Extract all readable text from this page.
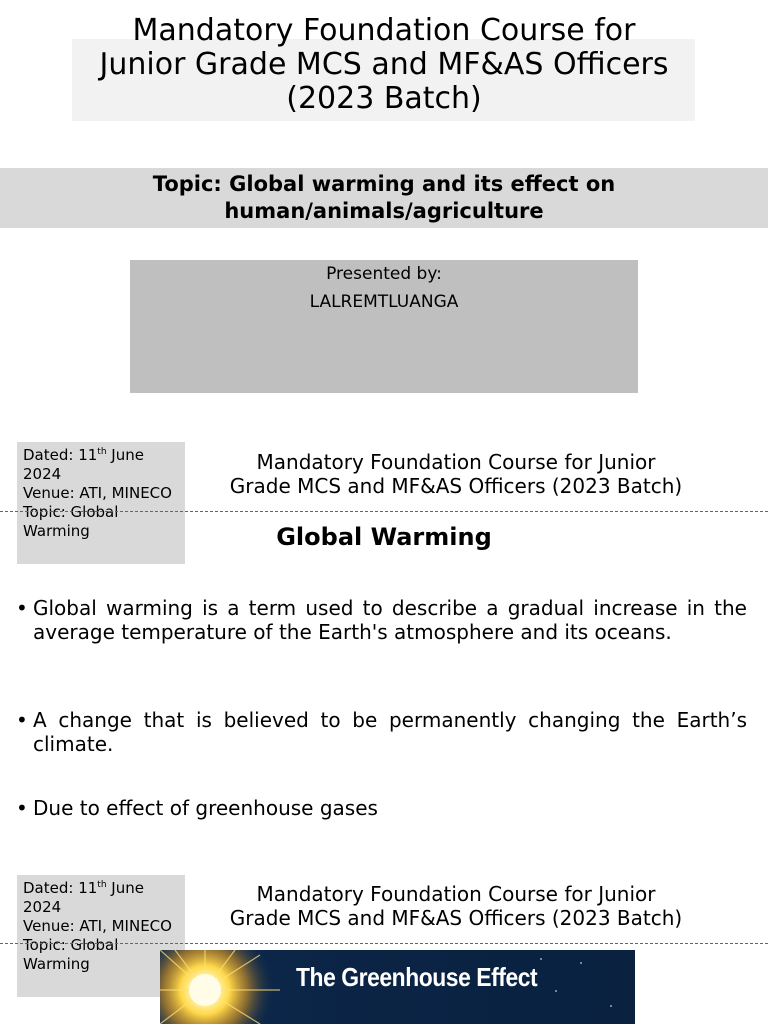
Mandatory Foundation Course for
Junior Grade MCS and MF&AS Officers
(2023 Batch)
Topic: Global warming and its effect on
human/animals/agriculture
Presented by:
LALREMTLUANGA
Dated: 11th June 2024
Venue: ATI, MINECO
Topic: Global Warming
Mandatory Foundation Course for Junior
Grade MCS and MF&AS Officers (2023 Batch)
Global Warming
• Global warming is a term used to describe a gradual increase in the average temperature of the Earth's atmosphere and its oceans.
• A change that is believed to be permanently changing the Earth’s climate.
• Due to effect of greenhouse gases
Dated: 11th June 2024
Venue: ATI, MINECO
Topic: Global Warming
Mandatory Foundation Course for Junior
Grade MCS and MF&AS Officers (2023 Batch)
The Greenhouse Effect
